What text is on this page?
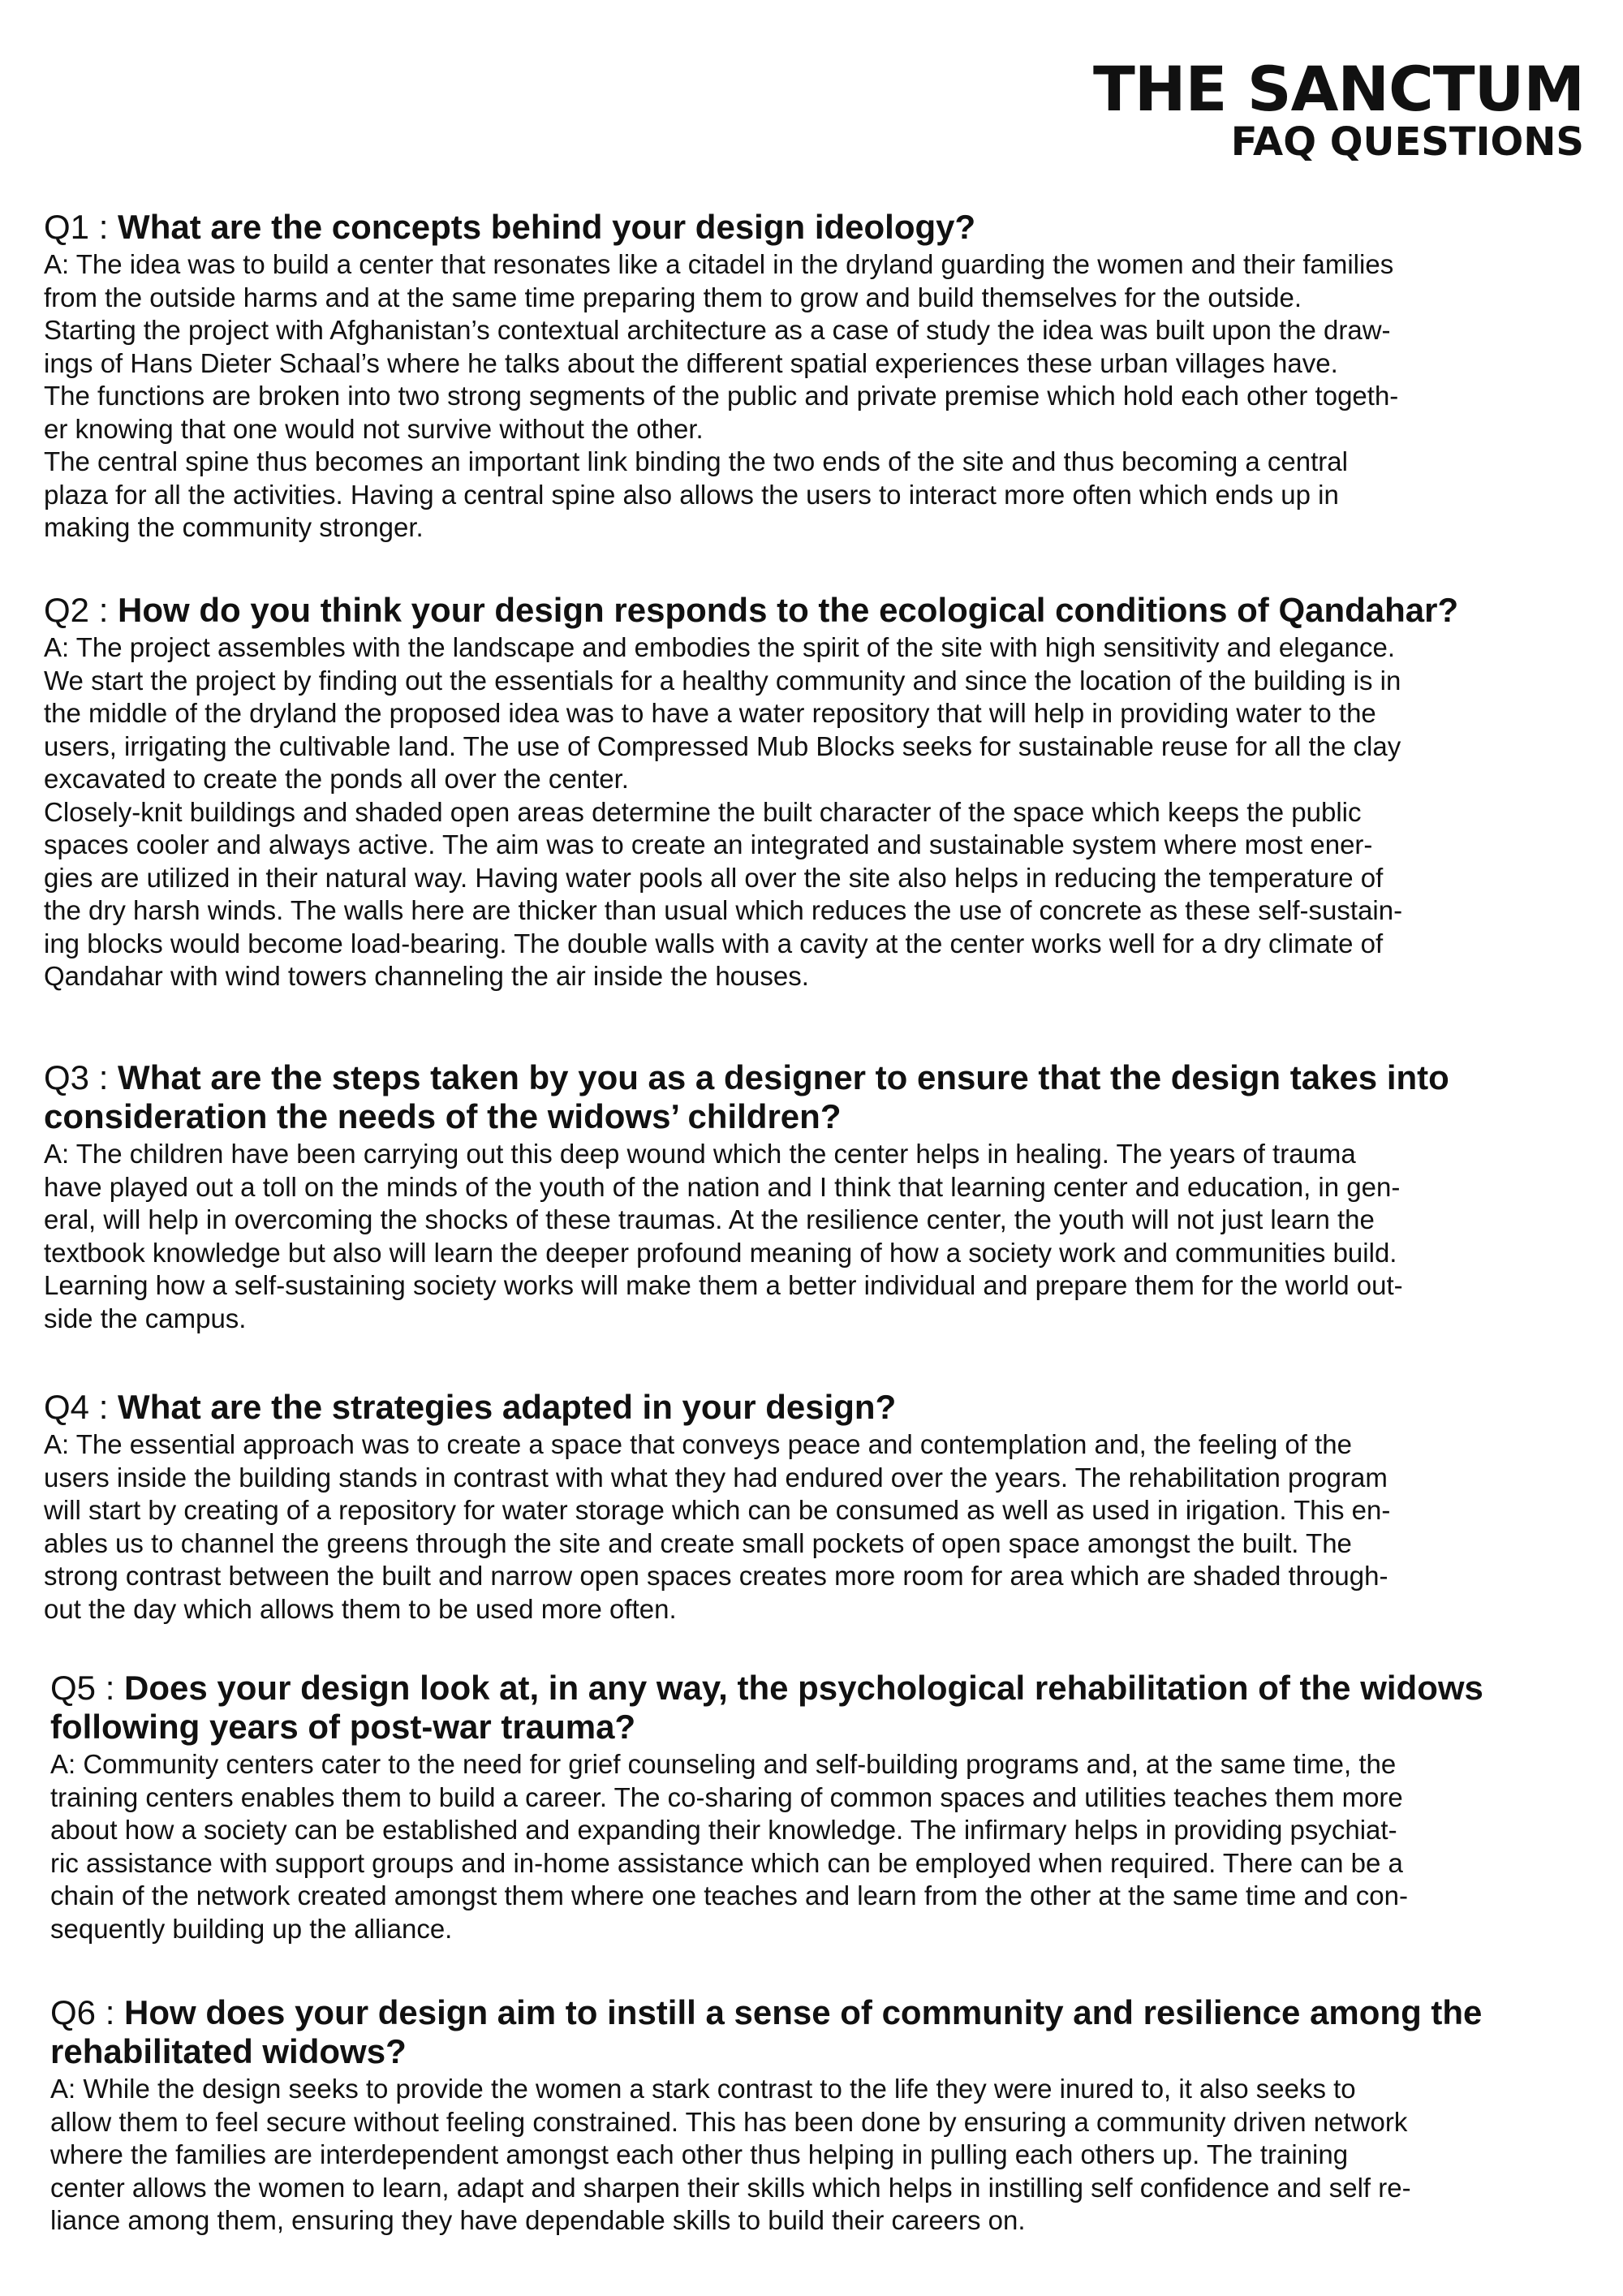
THE SANCTUM
FAQ QUESTIONS

Q1 : What are the concepts behind your design ideology?

A: The idea was to build a center that resonates like a citadel in the dryland guarding the women and their families
from the outside harms and at the same time preparing them to grow and build themselves for the outside.
Starting the project with Afghanistan’s contextual architecture as a case of study the idea was built upon the draw-
ings of Hans Dieter Schaal’s where he talks about the different spatial experiences these urban villages have.
The functions are broken into two strong segments of the public and private premise which hold each other togeth-
er knowing that one would not survive without the other.
The central spine thus becomes an important link binding the two ends of the site and thus becoming a central
plaza for all the activities. Having a central spine also allows the users to interact more often which ends up in
making the community stronger.

Q2 : How do you think your design responds to the ecological conditions of Qandahar?

A: The project assembles with the landscape and embodies the spirit of the site with high sensitivity and elegance.
We start the project by finding out the essentials for a healthy community and since the location of the building is in
the middle of the dryland the proposed idea was to have a water repository that will help in providing water to the
users, irrigating the cultivable land. The use of Compressed Mub Blocks seeks for sustainable reuse for all the clay
excavated to create the ponds all over the center.
Closely-knit buildings and shaded open areas determine the built character of the space which keeps the public
spaces cooler and always active. The aim was to create an integrated and sustainable system where most ener-
gies are utilized in their natural way. Having water pools all over the site also helps in reducing the temperature of
the dry harsh winds. The walls here are thicker than usual which reduces the use of concrete as these self-sustain-
ing blocks would become load-bearing. The double walls with a cavity at the center works well for a dry climate of
Qandahar with wind towers channeling the air inside the houses.

Q3 : What are the steps taken by you as a designer to ensure that the design takes into consideration the needs of the widows’ children?

A: The children have been carrying out this deep wound which the center helps in healing. The years of trauma
have played out a toll on the minds of the youth of the nation and I think that learning center and education, in gen-
eral, will help in overcoming the shocks of these traumas. At the resilience center, the youth will not just learn the
textbook knowledge but also will learn the deeper profound meaning of how a society work and communities build.
Learning how a self-sustaining society works will make them a better individual and prepare them for the world out-
side the campus.

Q4 : What are the strategies adapted in your design?

A: The essential approach was to create a space that conveys peace and contemplation and, the feeling of the
users inside the building stands in contrast with what they had endured over the years. The rehabilitation program
will start by creating of a repository for water storage which can be consumed as well as used in irigation. This en-
ables us to channel the greens through the site and create small pockets of open space amongst the built. The
strong contrast between the built and narrow open spaces creates more room for area which are shaded through-
out the day which allows them to be used more often.

Q5 : Does your design look at, in any way, the psychological rehabilitation of the widows following years of post-war trauma?

A: Community centers cater to the need for grief counseling and self-building programs and, at the same time, the
training centers enables them to build a career. The co-sharing of common spaces and utilities teaches them more
about how a society can be established and expanding their knowledge. The infirmary helps in providing psychiat-
ric assistance with support groups and in-home assistance which can be employed when required. There can be a
chain of the network created amongst them where one teaches and learn from the other at the same time and con-
sequently building up the alliance.

Q6 : How does your design aim to instill a sense of community and resilience among the rehabilitated widows?

A: While the design seeks to provide the women a stark contrast to the life they were inured to, it also seeks to
allow them to feel secure without feeling constrained. This has been done by ensuring a community driven network
where the families are interdependent amongst each other thus helping in pulling each others up. The training
center allows the women to learn, adapt and sharpen their skills which helps in instilling self confidence and self re-
liance among them, ensuring they have dependable skills to build their careers on.
